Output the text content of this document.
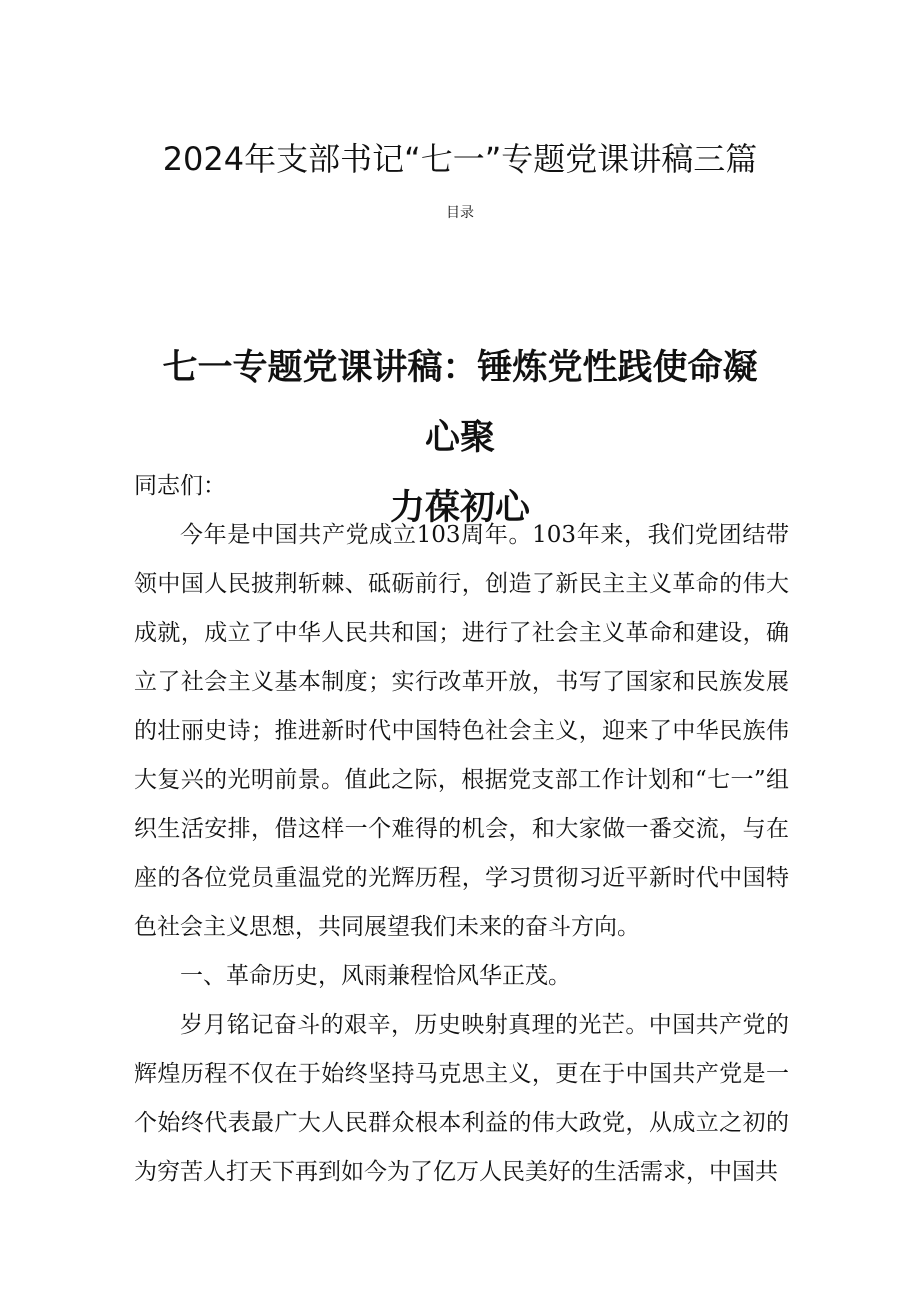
2024年支部书记“七一”专题党课讲稿三篇
目录
七一专题党课讲稿：锤炼党性践使命凝心聚
力葆初心

同志们：

今年是中国共产党成立103周年。103年来，我们党团结带领中国人民披荆斩棘、砥砺前行，创造了新民主主义革命的伟大成就，成立了中华人民共和国；进行了社会主义革命和建设，确立了社会主义基本制度；实行改革开放，书写了国家和民族发展的壮丽史诗；推进新时代中国特色社会主义，迎来了中华民族伟大复兴的光明前景。值此之际，根据党支部工作计划和“七一”组织生活安排，借这样一个难得的机会，和大家做一番交流，与在座的各位党员重温党的光辉历程，学习贯彻习近平新时代中国特色社会主义思想，共同展望我们未来的奋斗方向。

一、革命历史，风雨兼程恰风华正茂。

岁月铭记奋斗的艰辛，历史映射真理的光芒。中国共产党的辉煌历程不仅在于始终坚持马克思主义，更在于中国共产党是一个始终代表最广大人民群众根本利益的伟大政党，从成立之初的为穷苦人打天下再到如今为了亿万人民美好的生活需求，中国共
